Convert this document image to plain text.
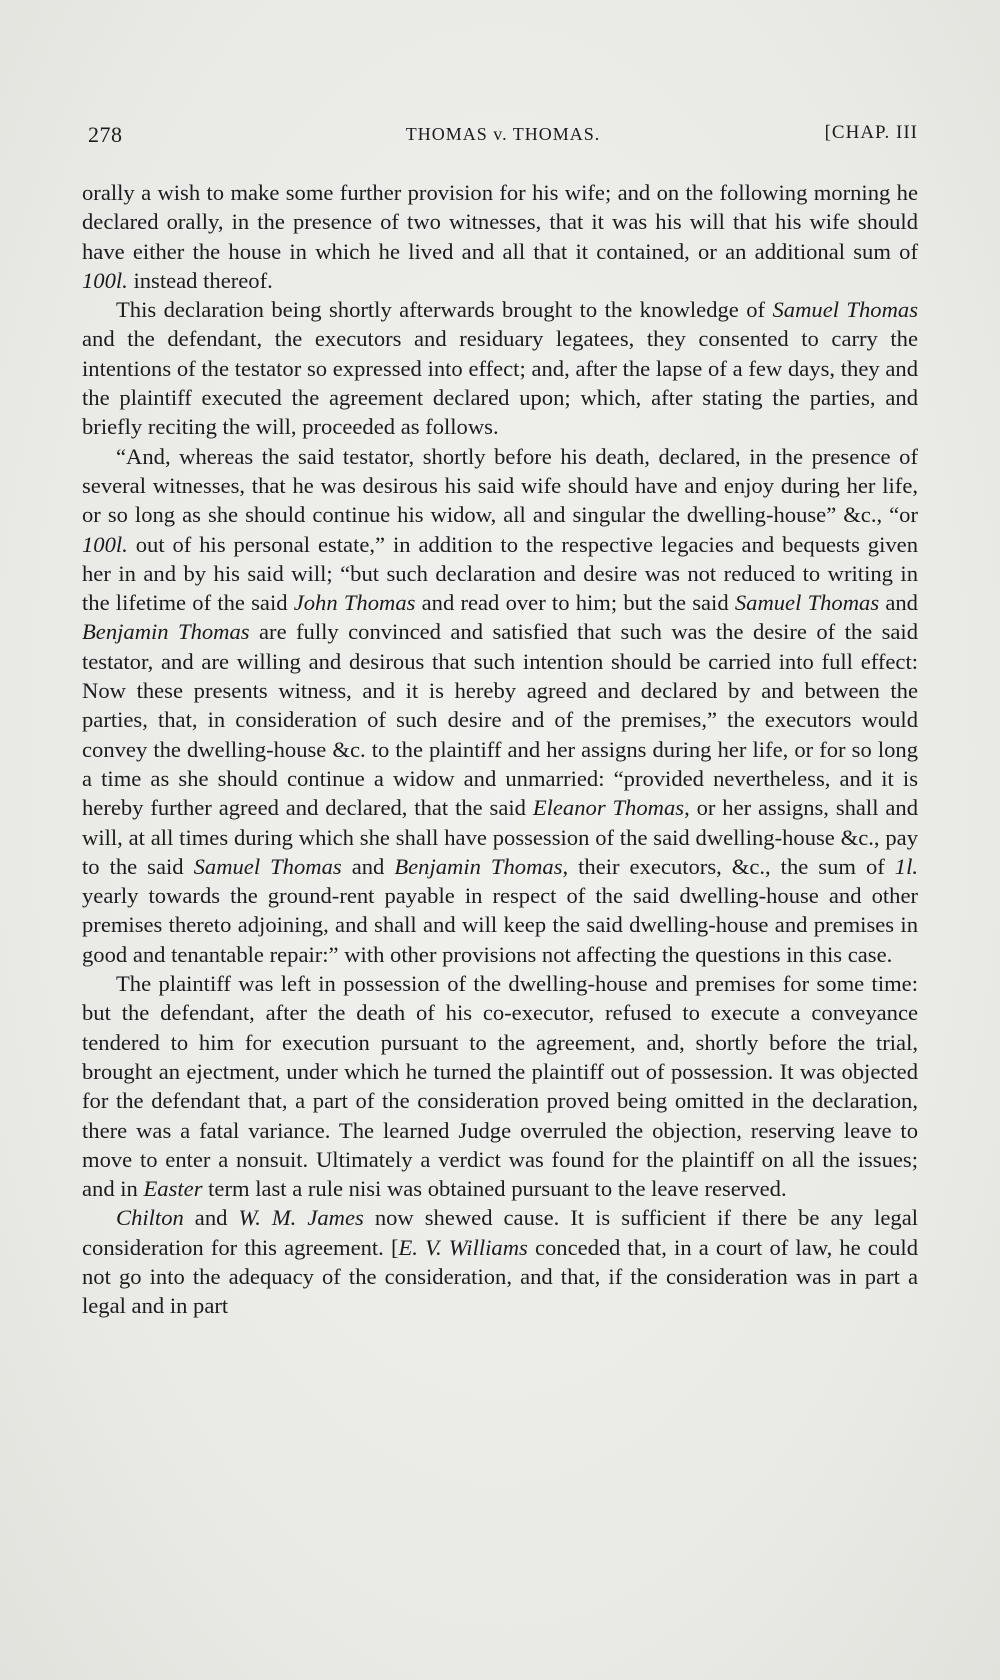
278	THOMAS v. THOMAS.	[CHAP. III

orally a wish to make some further provision for his wife; and on the following morning he declared orally, in the presence of two witnesses, that it was his will that his wife should have either the house in which he lived and all that it contained, or an additional sum of 100l. instead thereof.

This declaration being shortly afterwards brought to the knowledge of Samuel Thomas and the defendant, the executors and residuary legatees, they consented to carry the intentions of the testator so expressed into effect; and, after the lapse of a few days, they and the plaintiff executed the agreement declared upon; which, after stating the parties, and briefly reciting the will, proceeded as follows.

“And, whereas the said testator, shortly before his death, declared, in the presence of several witnesses, that he was desirous his said wife should have and enjoy during her life, or so long as she should continue his widow, all and singular the dwelling-house” &c., “or 100l. out of his personal estate,” in addition to the respective legacies and bequests given her in and by his said will; “but such declaration and desire was not reduced to writing in the lifetime of the said John Thomas and read over to him; but the said Samuel Thomas and Benjamin Thomas are fully convinced and satisfied that such was the desire of the said testator, and are willing and desirous that such intention should be carried into full effect: Now these presents witness, and it is hereby agreed and declared by and between the parties, that, in consideration of such desire and of the premises,” the executors would convey the dwelling-house &c. to the plaintiff and her assigns during her life, or for so long a time as she should continue a widow and unmarried: “provided nevertheless, and it is hereby further agreed and declared, that the said Eleanor Thomas, or her assigns, shall and will, at all times during which she shall have possession of the said dwelling-house &c., pay to the said Samuel Thomas and Benjamin Thomas, their executors, &c., the sum of 1l. yearly towards the ground-rent payable in respect of the said dwelling-house and other premises thereto adjoining, and shall and will keep the said dwelling-house and premises in good and tenantable repair:” with other provisions not affecting the questions in this case.

The plaintiff was left in possession of the dwelling-house and premises for some time: but the defendant, after the death of his co-executor, refused to execute a conveyance tendered to him for execution pursuant to the agreement, and, shortly before the trial, brought an ejectment, under which he turned the plaintiff out of possession. It was objected for the defendant that, a part of the consideration proved being omitted in the declaration, there was a fatal variance. The learned Judge overruled the objection, reserving leave to move to enter a nonsuit. Ultimately a verdict was found for the plaintiff on all the issues; and in Easter term last a rule nisi was obtained pursuant to the leave reserved.

Chilton and W. M. James now shewed cause. It is sufficient if there be any legal consideration for this agreement. [E. V. Williams conceded that, in a court of law, he could not go into the adequacy of the consideration, and that, if the consideration was in part a legal and in part
